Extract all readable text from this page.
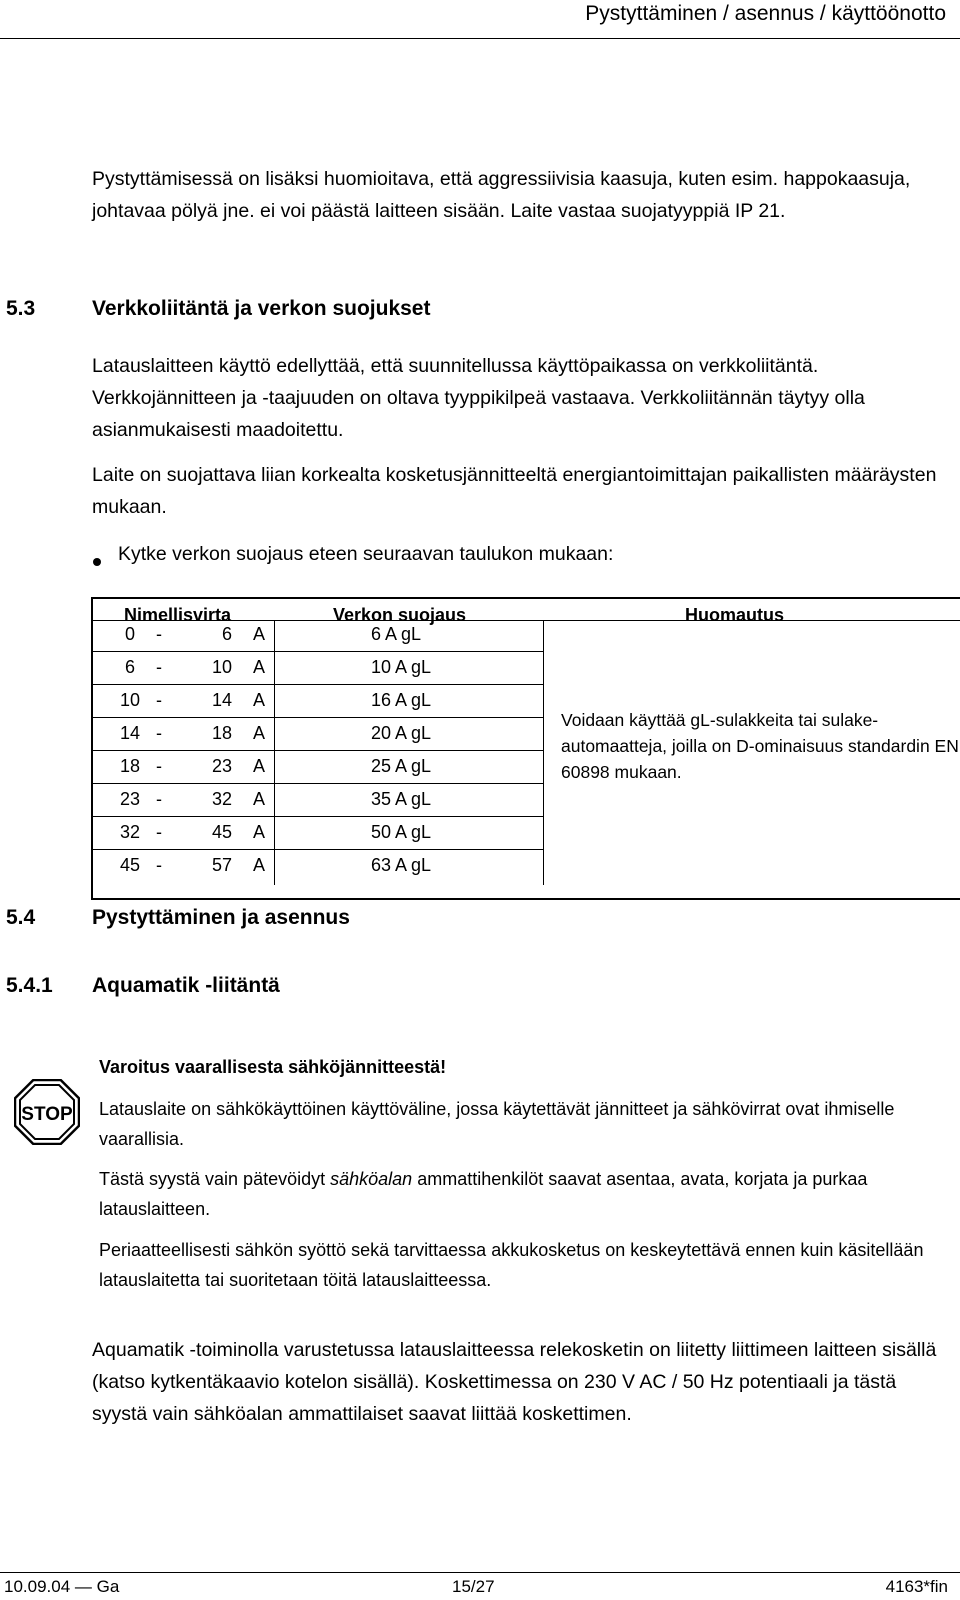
Pystyttäminen / asennus / käyttöönotto

Pystyttämisessä on lisäksi huomioitava, että aggressiivisia kaasuja, kuten esim. happokaasuja, johtavaa pölyä jne. ei voi päästä laitteen sisään. Laite vastaa suojatyyppiä IP 21.

5.3	Verkkoliitäntä ja verkon suojukset

Latauslaitteen käyttö edellyttää, että suunnitellussa käyttöpaikassa on verkkoliitäntä. Verkkojännitteen ja -taajuuden on oltava tyyppikilpeä vastaava. Verkkoliitännän täytyy olla asianmukaisesti maadoitettu.

Laite on suojattava liian korkealta kosketusjännitteeltä energiantoimittajan paikallisten määräysten mukaan.

Kytke verkon suojaus eteen seuraavan taulukon mukaan:

Nimellisvirta	Verkon suojaus	Huomautus
0 -	6 A	6 A gL
6 -	10 A	10 A gL
10 -	14 A	16 A gL
14 -	18 A	20 A gL
18 -	23 A	25 A gL
23 -	32 A	35 A gL
32 -	45 A	50 A gL
45 -	57 A	63 A gL
Voidaan käyttää gL-sulakkeita tai sulake-automaatteja, joilla on D-ominaisuus standardin EN 60898 mukaan.
5.4	Pystyttäminen ja asennus
5.4.1 Aquamatik -liitäntä
STOP

Varoitus vaarallisesta sähköjännitteestä!

Latauslaite on sähkökäyttöinen käyttöväline, jossa käytettävät jännitteet ja sähkövirrat ovat ihmiselle vaarallisia.

Tästä syystä vain pätevöidyt sähköalan ammattihenkilöt saavat asentaa, avata, korjata ja purkaa latauslaitteen.

Periaatteellisesti sähkön syöttö sekä tarvittaessa akkukosketus on keskeytettävä ennen kuin käsitellään latauslaitetta tai suoritetaan töitä latauslaitteessa.

Aquamatik -toiminolla varustetussa latauslaitteessa relekosketin on liitetty liittimeen laitteen sisällä (katso kytkentäkaavio kotelon sisällä). Koskettimessa on 230 V AC / 50 Hz potentiaali ja tästä syystä vain sähköalan ammattilaiset saavat liittää koskettimen.

10.09.04 — Ga	15/27	4163*fin
